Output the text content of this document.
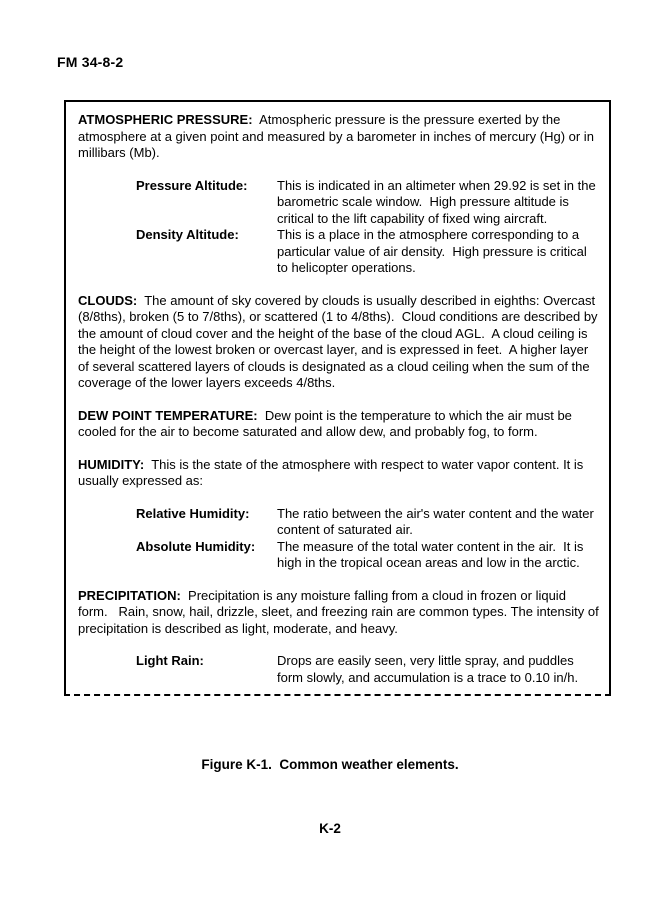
FM 34-8-2

ATMOSPHERIC PRESSURE:  Atmospheric pressure is the pressure exerted by the atmosphere at a given point and measured by a barometer in inches of mercury (Hg) or in millibars (Mb).

Pressure Altitude:	This is indicated in an altimeter when 29.92 is set in the barometric scale window.  High pressure altitude is critical to the lift capability of fixed wing aircraft.
Density Altitude:	This is a place in the atmosphere corresponding to a particular value of air density.  High pressure is critical to helicopter operations.

CLOUDS:  The amount of sky covered by clouds is usually described in eighths: Overcast (8/8ths), broken (5 to 7/8ths), or scattered (1 to 4/8ths).  Cloud conditions are described by the amount of cloud cover and the height of the base of the cloud AGL.  A cloud ceiling is the height of the lowest broken or overcast layer, and is expressed in feet.  A higher layer of several scattered layers of clouds is designated as a cloud ceiling when the sum of the coverage of the lower layers exceeds 4/8ths.

DEW POINT TEMPERATURE:  Dew point is the temperature to which the air must be cooled for the air to become saturated and allow dew, and probably fog, to form.

HUMIDITY:  This is the state of the atmosphere with respect to water vapor content. It is usually expressed as:

Relative Humidity:	The ratio between the air's water content and the water content of saturated air.
Absolute Humidity:	The measure of the total water content in the air.  It is high in the tropical ocean areas and low in the arctic.

PRECIPITATION:  Precipitation is any moisture falling from a cloud in frozen or liquid form.   Rain, snow, hail, drizzle, sleet, and freezing rain are common types. The intensity of precipitation is described as light, moderate, and heavy.

Light Rain:	Drops are easily seen, very little spray, and puddles form slowly, and accumulation is a trace to 0.10 in/h.
Figure K-1.  Common weather elements.
K-2
